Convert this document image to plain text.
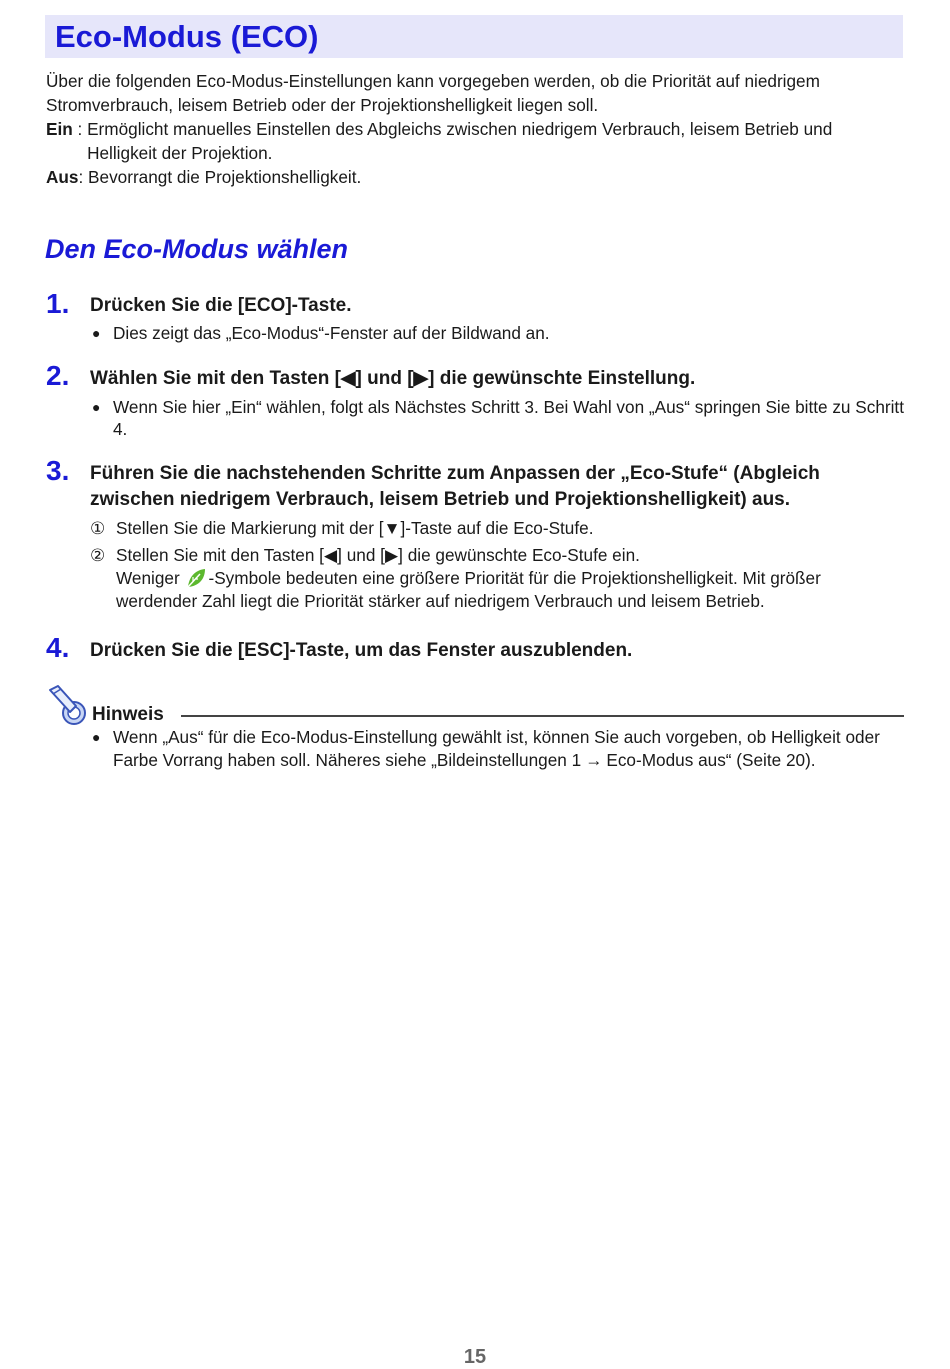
Eco-Modus (ECO)

Über die folgenden Eco-Modus-Einstellungen kann vorgegeben werden, ob die Priorität auf niedrigem Stromverbrauch, leisem Betrieb oder der Projektionshelligkeit liegen soll.

Ein : Ermöglicht manuelles Einstellen des Abgleichs zwischen niedrigem Verbrauch, leisem Betrieb und Helligkeit der Projektion.
Aus : Bevorrangt die Projektionshelligkeit.
Den Eco-Modus wählen
1. Drücken Sie die [ECO]-Taste.

● Dies zeigt das „Eco-Modus“-Fenster auf der Bildwand an.
2. Wählen Sie mit den Tasten [◀] und [▶] die gewünschte Einstellung.

● Wenn Sie hier „Ein“ wählen, folgt als Nächstes Schritt 3. Bei Wahl von „Aus“ springen Sie bitte zu Schritt 4.
3. Führen Sie die nachstehenden Schritte zum Anpassen der „Eco-Stufe“ (Abgleich zwischen niedrigem Verbrauch, leisem Betrieb und Projektionshelligkeit) aus.

① Stellen Sie die Markierung mit der [▼]-Taste auf die Eco-Stufe.
② Stellen Sie mit den Tasten [◀] und [▶] die gewünschte Eco-Stufe ein.
Weniger -Symbole bedeuten eine größere Priorität für die Projektionshelligkeit. Mit größer werdender Zahl liegt die Priorität stärker auf niedrigem Verbrauch und leisem Betrieb.
4. Drücken Sie die [ESC]-Taste, um das Fenster auszublenden.

Hinweis
● Wenn „Aus“ für die Eco-Modus-Einstellung gewählt ist, können Sie auch vorgeben, ob Helligkeit oder Farbe Vorrang haben soll. Näheres siehe „Bildeinstellungen 1 → Eco-Modus aus“ (Seite 20).
15
